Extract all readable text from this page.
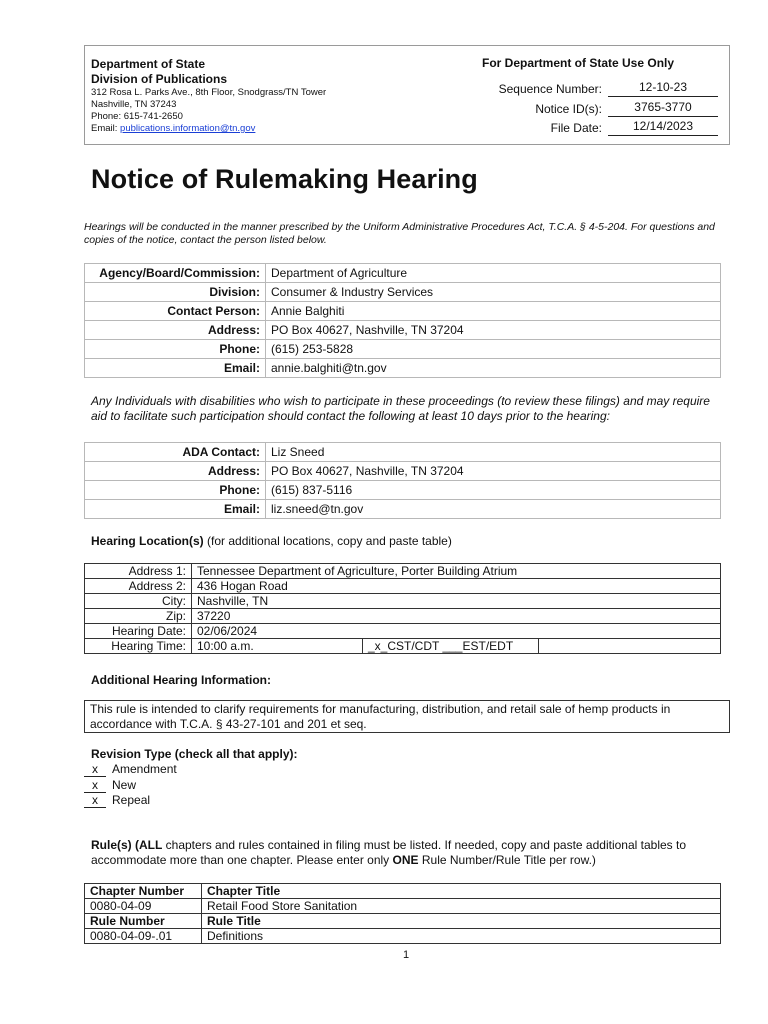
Department of State
Division of Publications
312 Rosa L. Parks Ave., 8th Floor, Snodgrass/TN Tower
Nashville, TN 37243
Phone: 615-741-2650
Email: publications.information@tn.gov
For Department of State Use Only
Sequence Number:	12-10-23
Notice ID(s):	3765-3770
File Date:	12/14/2023
Notice of Rulemaking Hearing
Hearings will be conducted in the manner prescribed by the Uniform Administrative Procedures Act, T.C.A. § 4-5-204. For questions and copies of the notice, contact the person listed below.
Agency/Board/Commission:	Department of Agriculture
Division:	Consumer & Industry Services
Contact Person:	Annie Balghiti
Address:	PO Box 40627, Nashville, TN 37204
Phone:	(615) 253-5828
Email:	annie.balghiti@tn.gov
Any Individuals with disabilities who wish to participate in these proceedings (to review these filings) and may require aid to facilitate such participation should contact the following at least 10 days prior to the hearing:
ADA Contact:	Liz Sneed
Address:	PO Box 40627, Nashville, TN 37204
Phone:	(615) 837-5116
Email:	liz.sneed@tn.gov
Hearing Location(s) (for additional locations, copy and paste table)
Address 1:	Tennessee Department of Agriculture, Porter Building Atrium		
Address 2:	436 Hogan Road		
City:	Nashville, TN		
Zip:	37220		
Hearing Date:	02/06/2024		
Hearing Time:	10:00 a.m.	_x_CST/CDT ___EST/EDT	
Additional Hearing Information:
This rule is intended to clarify requirements for manufacturing, distribution, and retail sale of hemp products in accordance with T.C.A. § 43-27-101 and 201 et seq.
Revision Type (check all that apply):
x Amendment
x New
x Repeal
Rule(s) (ALL chapters and rules contained in filing must be listed. If needed, copy and paste additional tables to accommodate more than one chapter. Please enter only ONE Rule Number/Rule Title per row.)
Chapter Number	Chapter Title
0080-04-09	Retail Food Store Sanitation
Rule Number	Rule Title
0080-04-09-.01	Definitions
1
